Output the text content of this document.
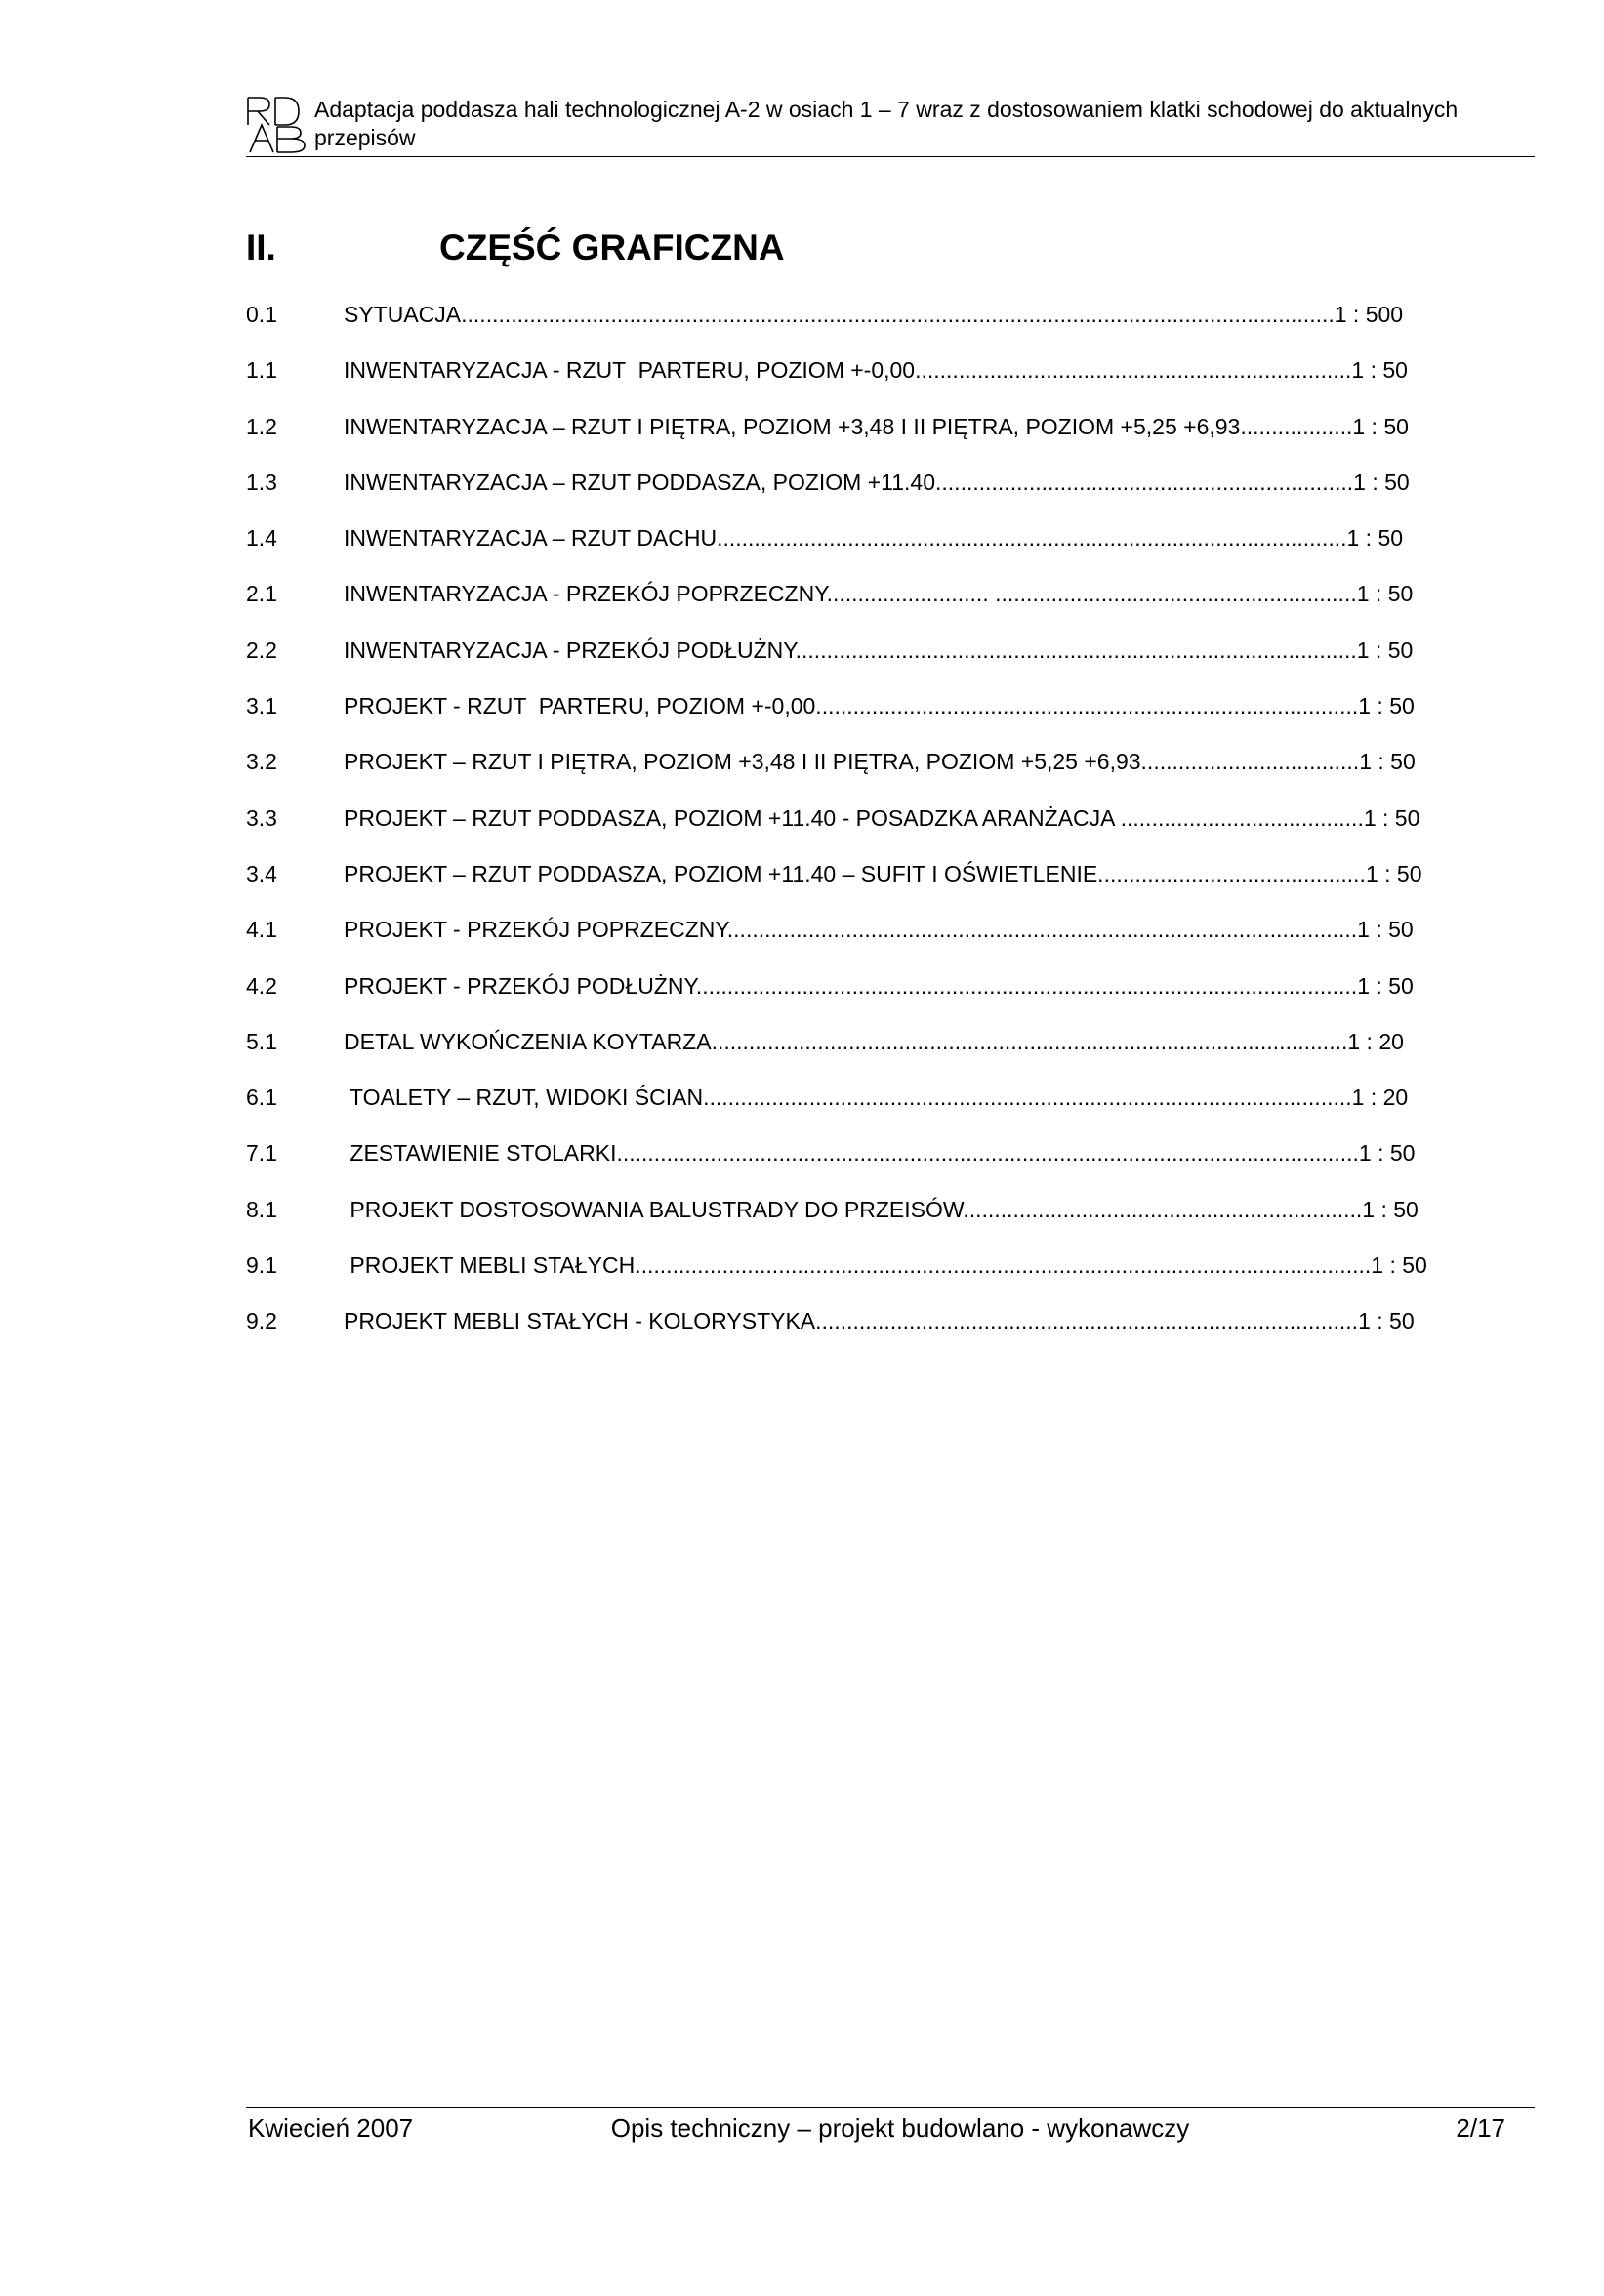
Adaptacja poddasza hali technologicznej A-2 w osiach 1 – 7 wraz z dostosowaniem klatki schodowej do aktualnych przepisów
II.	CZĘŚĆ GRAFICZNA
0.1	SYTUACJA............................................................................................................................................1 : 500
1.1	INWENTARYZACJA - RZUT  PARTERU, POZIOM +-0,00......................................................................1 : 50
1.2	INWENTARYZACJA – RZUT I PIĘTRA, POZIOM +3,48 I II PIĘTRA, POZIOM +5,25 +6,93..................1 : 50
1.3	INWENTARYZACJA – RZUT PODDASZA, POZIOM +11.40...................................................................1 : 50
1.4	INWENTARYZACJA – RZUT DACHU.....................................................................................................1 : 50
2.1	INWENTARYZACJA - PRZEKÓJ POPRZECZNY.......................... ..........................................................1 : 50
2.2	INWENTARYZACJA - PRZEKÓJ PODŁUŻNY..........................................................................................1 : 50
3.1	PROJEKT - RZUT  PARTERU, POZIOM +-0,00.......................................................................................1 : 50
3.2	PROJEKT – RZUT I PIĘTRA, POZIOM +3,48 I II PIĘTRA, POZIOM +5,25 +6,93...................................1 : 50
3.3	PROJEKT – RZUT PODDASZA, POZIOM +11.40 - POSADZKA ARANŻACJA .......................................1 : 50
3.4	PROJEKT – RZUT PODDASZA, POZIOM +11.40 – SUFIT I OŚWIETLENIE...........................................1 : 50
4.1	PROJEKT - PRZEKÓJ POPRZECZNY.....................................................................................................1 : 50
4.2	PROJEKT - PRZEKÓJ PODŁUŻNY..........................................................................................................1 : 50
5.1	DETAL WYKOŃCZENIA KOYTARZA......................................................................................................1 : 20
6.1	TOALETY – RZUT, WIDOKI ŚCIAN........................................................................................................1 : 20
7.1	ZESTAWIENIE STOLARKI.......................................................................................................................1 : 50
8.1	PROJEKT DOSTOSOWANIA BALUSTRADY DO PRZEISÓW................................................................1 : 50
9.1	PROJEKT MEBLI STAŁYCH......................................................................................................................1 : 50
9.2	PROJEKT MEBLI STAŁYCH - KOLORYSTYKA.......................................................................................1 : 50
Kwiecień 2007	Opis techniczny – projekt budowlano - wykonawczy	2/17
